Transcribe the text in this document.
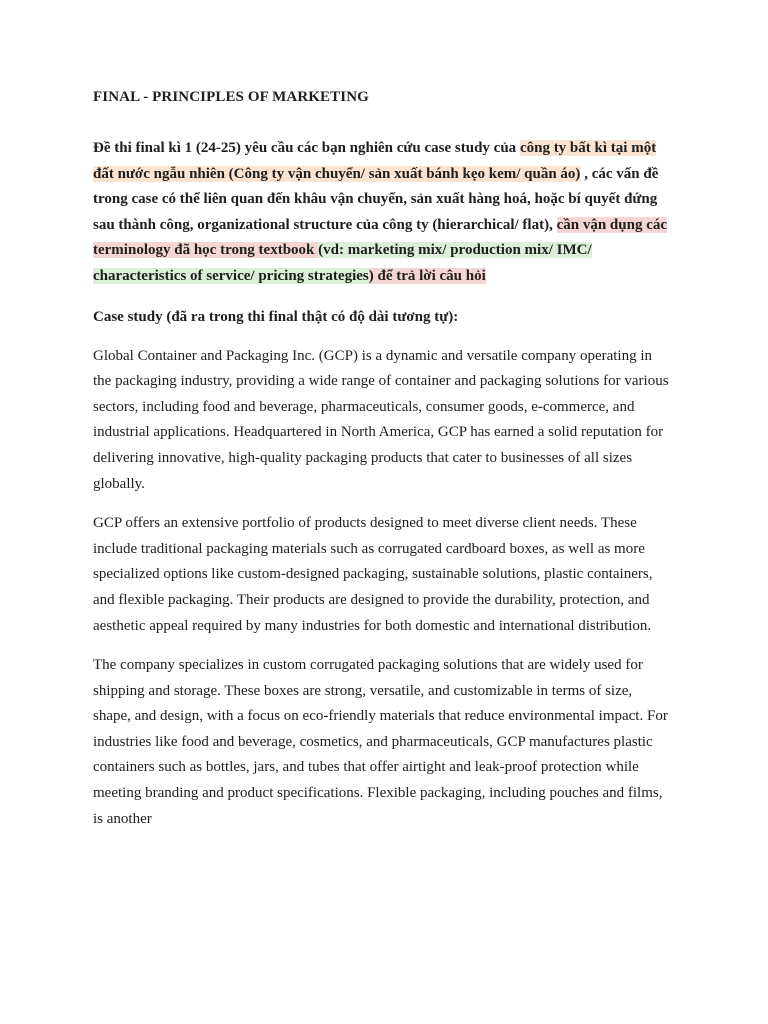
FINAL - PRINCIPLES OF MARKETING
Đề thi final kì 1 (24-25) yêu cầu các bạn nghiên cứu case study của công ty bất kì tại một đất nước ngẫu nhiên (Công ty vận chuyển/ sản xuất bánh kẹo kem/ quần áo) , các vấn đề trong case có thể liên quan đến khâu vận chuyển, sản xuất hàng hoá, hoặc bí quyết đứng sau thành công, organizational structure của công ty (hierarchical/ flat), cần vận dụng các terminology đã học trong textbook (vd: marketing mix/ production mix/ IMC/ characteristics of service/ pricing strategies) để trả lời câu hỏi
Case study (đã ra trong thi final thật có độ dài tương tự):

Global Container and Packaging Inc. (GCP) is a dynamic and versatile company operating in the packaging industry, providing a wide range of container and packaging solutions for various sectors, including food and beverage, pharmaceuticals, consumer goods, e-commerce, and industrial applications. Headquartered in North America, GCP has earned a solid reputation for delivering innovative, high-quality packaging products that cater to businesses of all sizes globally.

GCP offers an extensive portfolio of products designed to meet diverse client needs. These include traditional packaging materials such as corrugated cardboard boxes, as well as more specialized options like custom-designed packaging, sustainable solutions, plastic containers, and flexible packaging. Their products are designed to provide the durability, protection, and aesthetic appeal required by many industries for both domestic and international distribution.

The company specializes in custom corrugated packaging solutions that are widely used for shipping and storage. These boxes are strong, versatile, and customizable in terms of size, shape, and design, with a focus on eco-friendly materials that reduce environmental impact. For industries like food and beverage, cosmetics, and pharmaceuticals, GCP manufactures plastic containers such as bottles, jars, and tubes that offer airtight and leak-proof protection while meeting branding and product specifications. Flexible packaging, including pouches and films, is another
